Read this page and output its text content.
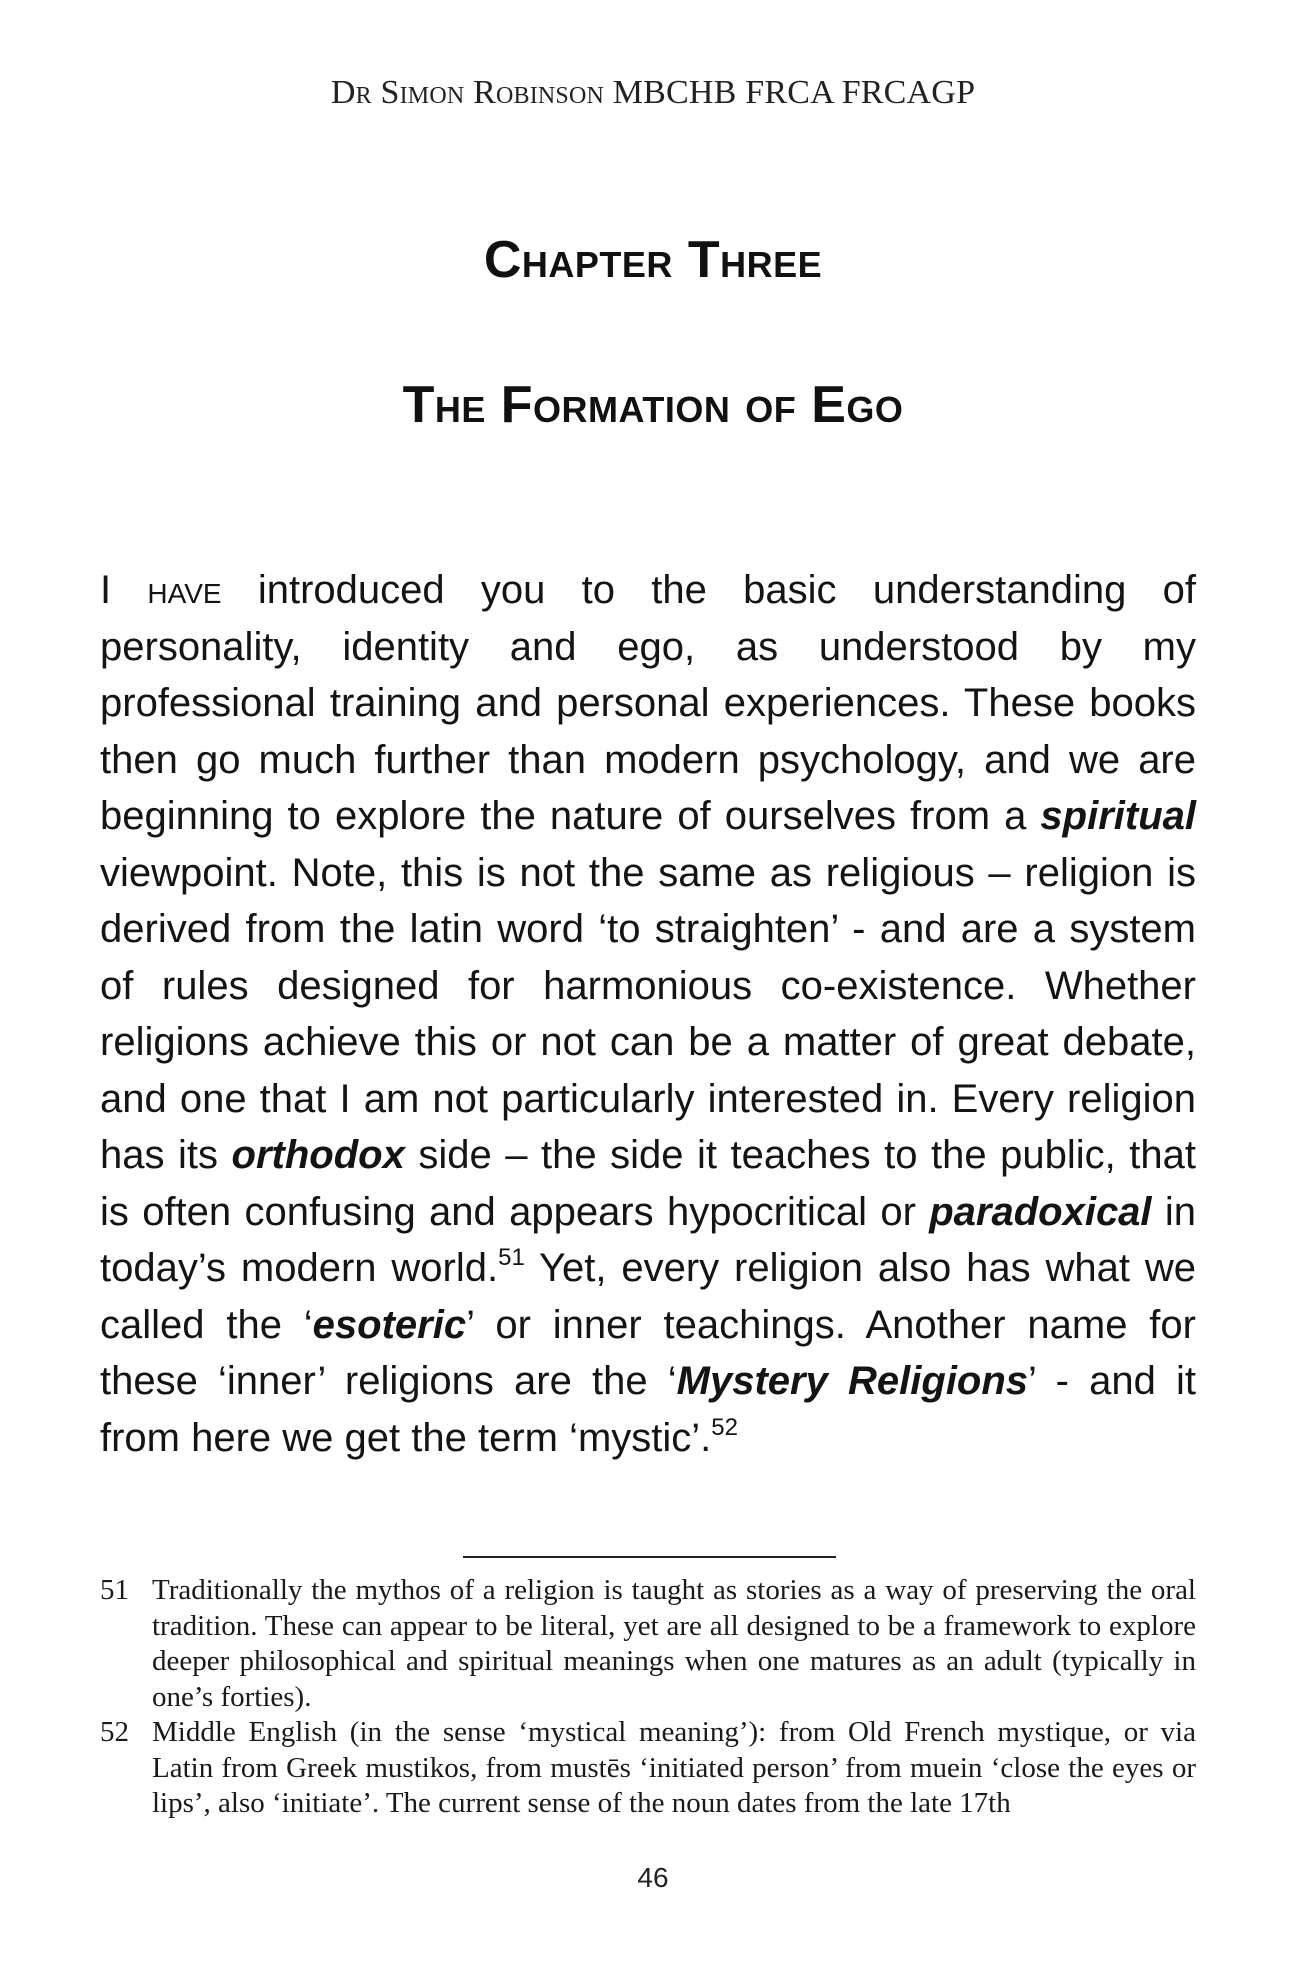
Dr Simon Robinson MBCHB FRCA FRCAGP
Chapter Three
The Formation of Ego

I have introduced you to the basic understanding of personality, identity and ego, as understood by my professional training and personal experiences. These books then go much further than modern psychology, and we are beginning to explore the nature of ourselves from a spiritual viewpoint. Note, this is not the same as religious – religion is derived from the latin word ‘to straighten’ - and are a system of rules designed for harmonious co-existence. Whether religions achieve this or not can be a matter of great debate, and one that I am not particularly interested in. Every religion has its orthodox side – the side it teaches to the public, that is often confusing and appears hypocritical or paradoxical in today’s modern world.$^{51}$ Yet, every religion also has what we called the ‘esoteric’ or inner teachings. Another name for these ‘inner’ religions are the ‘Mystery Religions’ - and it from here we get the term ‘mystic’.$^{52}$

51 Traditionally the mythos of a religion is taught as stories as a way of preserving the oral tradition. These can appear to be literal, yet are all designed to be a framework to explore deeper philosophical and spiritual meanings when one matures as an adult (typically in one’s forties).
52 Middle English (in the sense ‘mystical meaning’): from Old French mystique, or via Latin from Greek mustikos, from mustēs ‘initiated person’ from muein ‘close the eyes or lips’, also ‘initiate’. The current sense of the noun dates from the late 17th
46
